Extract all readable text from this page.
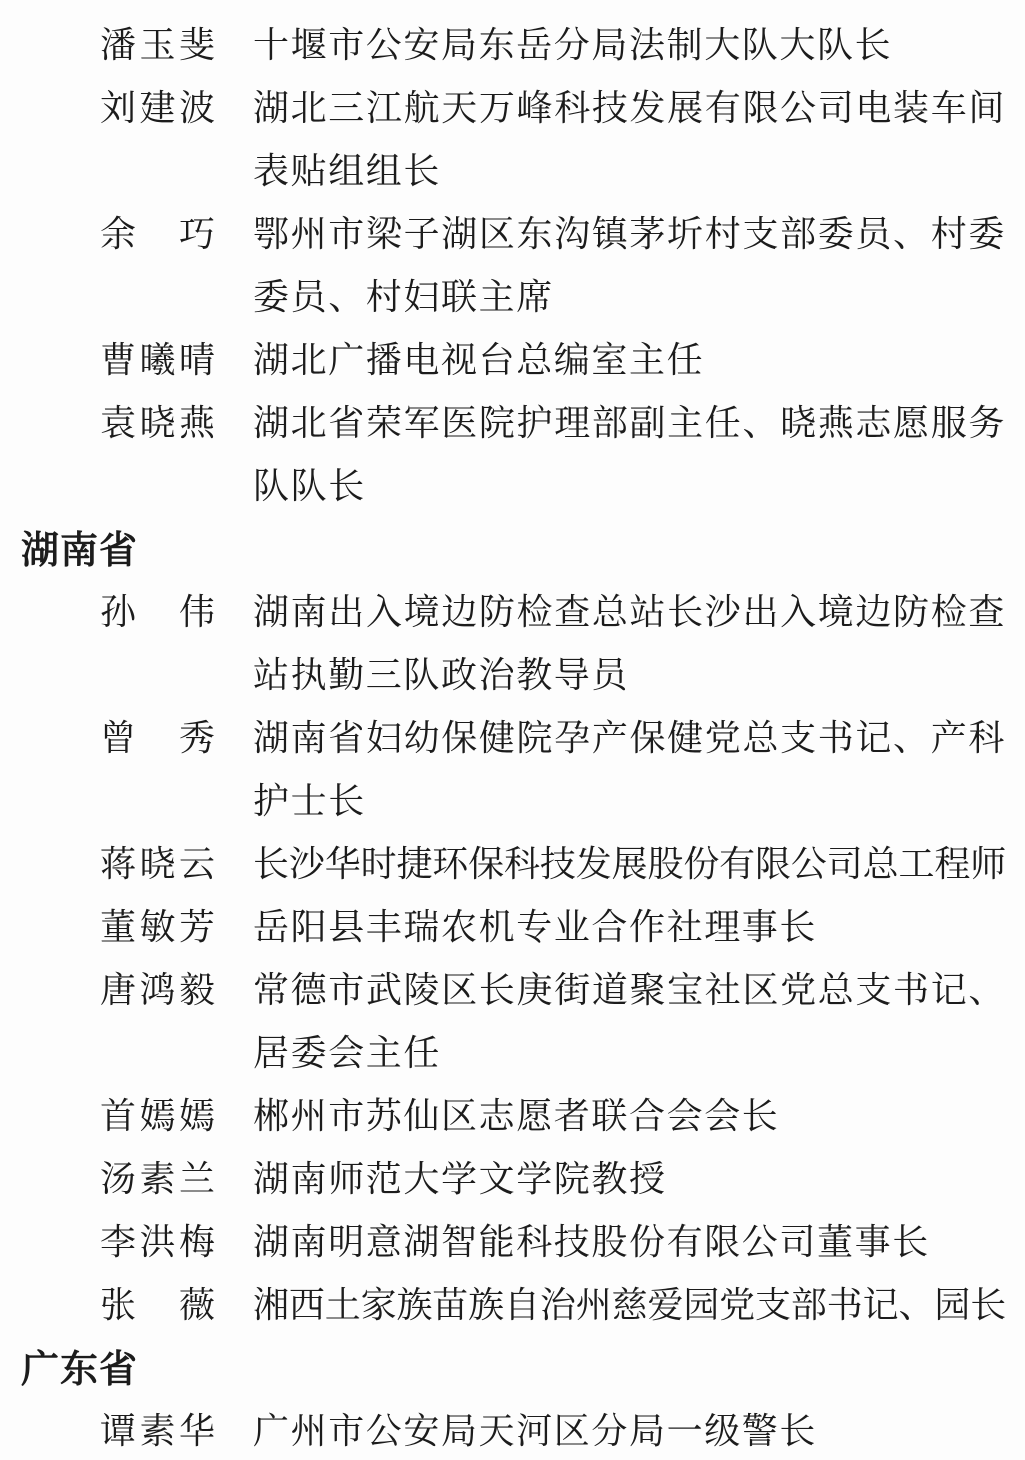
潘 玉 斐 十堰市公安局东岳分局法制大队大队长
刘 建 波 湖北三江航天万峰科技发展有限公司电装车间
表贴组组长
余 巧 鄂州市梁子湖区东沟镇茅圻村支部委员、村委
委员、村妇联主席
曹 曦 晴 湖北广播电视台总编室主任
袁 晓 燕 湖北省荣军医院护理部副主任、晓燕志愿服务
队队长
湖南省
孙 伟 湖南出入境边防检查总站长沙出入境边防检查
站执勤三队政治教导员
曾 秀 湖南省妇幼保健院孕产保健党总支书记、产科
护士长
蒋 晓 云 长沙华时捷环保科技发展股份有限公司总工程师
董 敏 芳 岳阳县丰瑞农机专业合作社理事长
唐 鸿 毅 常德市武陵区长庚街道聚宝社区党总支书记、
居委会主任
首 嫣 嫣 郴州市苏仙区志愿者联合会会长
汤 素 兰 湖南师范大学文学院教授
李 洪 梅 湖南明意湖智能科技股份有限公司董事长
张 薇 湘西土家族苗族自治州慈爱园党支部书记、园长
广东省
谭 素 华 广州市公安局天河区分局一级警长
